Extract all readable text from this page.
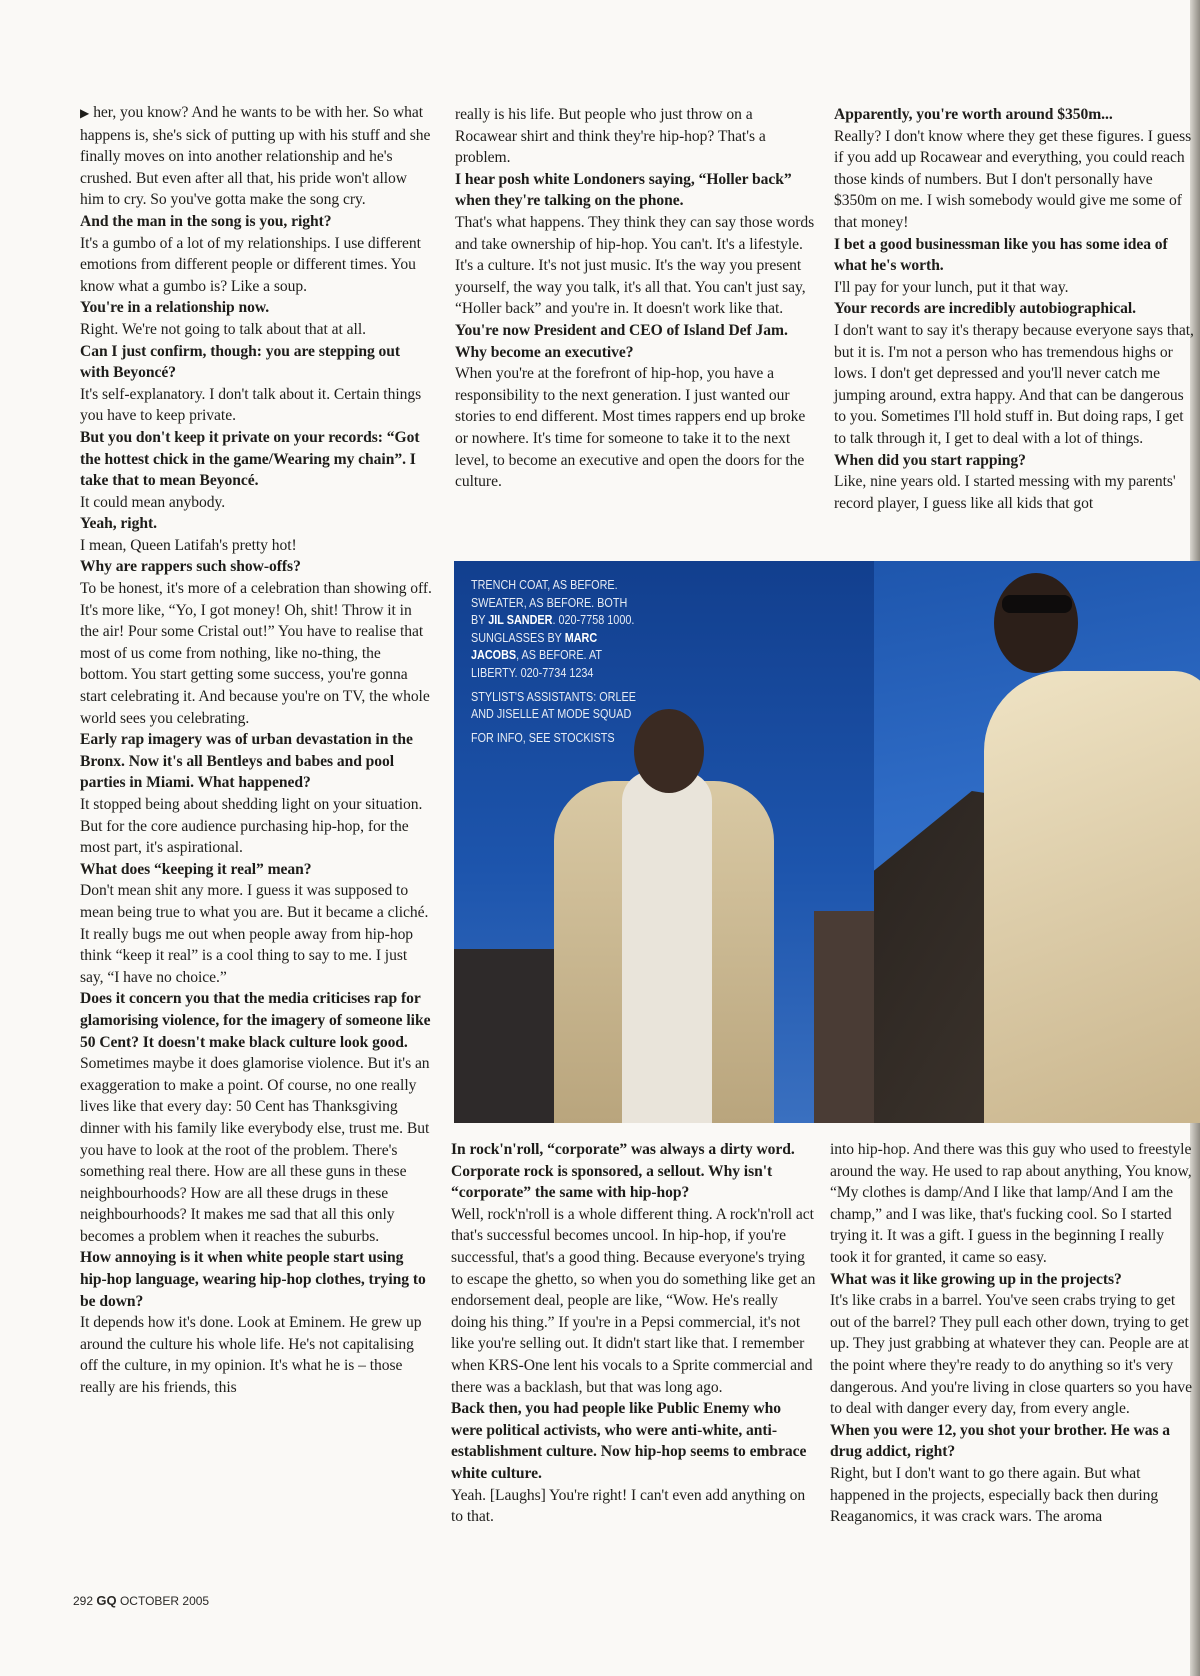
▶ her, you know? And he wants to be with her. So what happens is, she's sick of putting up with his stuff and she finally moves on into another relationship and he's crushed. But even after all that, his pride won't allow him to cry. So you've gotta make the song cry.

And the man in the song is you, right?

It's a gumbo of a lot of my relationships. I use different emotions from different people or different times. You know what a gumbo is? Like a soup.

You're in a relationship now.

Right. We're not going to talk about that at all.

Can I just confirm, though: you are stepping out with Beyoncé?

It's self-explanatory. I don't talk about it. Certain things you have to keep private.

But you don't keep it private on your records: “Got the hottest chick in the game/Wearing my chain”. I take that to mean Beyoncé.

It could mean anybody.

Yeah, right.

I mean, Queen Latifah's pretty hot!

Why are rappers such show-offs?

To be honest, it's more of a celebration than showing off. It's more like, “Yo, I got money! Oh, shit! Throw it in the air! Pour some Cristal out!” You have to realise that most of us come from nothing, like no-thing, the bottom. You start getting some success, you're gonna start celebrating it. And because you're on TV, the whole world sees you celebrating.

Early rap imagery was of urban devastation in the Bronx. Now it's all Bentleys and babes and pool parties in Miami. What happened?

It stopped being about shedding light on your situation. But for the core audience purchasing hip-hop, for the most part, it's aspirational.

What does “keeping it real” mean?

Don't mean shit any more. I guess it was supposed to mean being true to what you are. But it became a cliché. It really bugs me out when people away from hip-hop think “keep it real” is a cool thing to say to me. I just say, “I have no choice.”

Does it concern you that the media criticises rap for glamorising violence, for the imagery of someone like 50 Cent? It doesn't make black culture look good.

Sometimes maybe it does glamorise violence. But it's an exaggeration to make a point. Of course, no one really lives like that every day: 50 Cent has Thanksgiving dinner with his family like everybody else, trust me. But you have to look at the root of the problem. There's something real there. How are all these guns in these neighbourhoods? How are all these drugs in these neighbourhoods? It makes me sad that all this only becomes a problem when it reaches the suburbs.

How annoying is it when white people start using hip-hop language, wearing hip-hop clothes, trying to be down?

It depends how it's done. Look at Eminem. He grew up around the culture his whole life. He's not capitalising off the culture, in my opinion. It's what he is – those really are his friends, this

really is his life. But people who just throw on a Rocawear shirt and think they're hip-hop? That's a problem.

I hear posh white Londoners saying, “Holler back” when they're talking on the phone.

That's what happens. They think they can say those words and take ownership of hip-hop. You can't. It's a lifestyle. It's a culture. It's not just music. It's the way you present yourself, the way you talk, it's all that. You can't just say, “Holler back” and you're in. It doesn't work like that.

You're now President and CEO of Island Def Jam. Why become an executive?

When you're at the forefront of hip-hop, you have a responsibility to the next generation. I just wanted our stories to end different. Most times rappers end up broke or nowhere. It's time for someone to take it to the next level, to become an executive and open the doors for the culture.

Apparently, you're worth around $350m...

Really? I don't know where they get these figures. I guess if you add up Rocawear and everything, you could reach those kinds of numbers. But I don't personally have $350m on me. I wish somebody would give me some of that money!

I bet a good businessman like you has some idea of what he's worth.

I'll pay for your lunch, put it that way.

Your records are incredibly autobiographical.

I don't want to say it's therapy because everyone says that, but it is. I'm not a person who has tremendous highs or lows. I don't get depressed and you'll never catch me jumping around, extra happy. And that can be dangerous to you. Sometimes I'll hold stuff in. But doing raps, I get to talk through it, I get to deal with a lot of things.

When did you start rapping?

Like, nine years old. I started messing with my parents' record player, I guess like all kids that got

TRENCH COAT, AS BEFORE. SWEATER, AS BEFORE. BOTH BY JIL SANDER. 020-7758 1000. SUNGLASSES BY MARC JACOBS, AS BEFORE. AT LIBERTY. 020-7734 1234

STYLIST'S ASSISTANTS: ORLEE AND JISELLE AT MODE SQUAD

FOR INFO, SEE STOCKISTS

In rock'n'roll, “corporate” was always a dirty word. Corporate rock is sponsored, a sellout. Why isn't “corporate” the same with hip-hop?

Well, rock'n'roll is a whole different thing. A rock'n'roll act that's successful becomes uncool. In hip-hop, if you're successful, that's a good thing. Because everyone's trying to escape the ghetto, so when you do something like get an endorsement deal, people are like, “Wow. He's really doing his thing.” If you're in a Pepsi commercial, it's not like you're selling out. It didn't start like that. I remember when KRS-One lent his vocals to a Sprite commercial and there was a backlash, but that was long ago.

Back then, you had people like Public Enemy who were political activists, who were anti-white, anti-establishment culture. Now hip-hop seems to embrace white culture.

Yeah. [Laughs] You're right! I can't even add anything on to that.

into hip-hop. And there was this guy who used to freestyle around the way. He used to rap about anything, You know, “My clothes is damp/And I like that lamp/And I am the champ,” and I was like, that's fucking cool. So I started trying it. It was a gift. I guess in the beginning I really took it for granted, it came so easy.

What was it like growing up in the projects?

It's like crabs in a barrel. You've seen crabs trying to get out of the barrel? They pull each other down, trying to get up. They just grabbing at whatever they can. People are at the point where they're ready to do anything so it's very dangerous. And you're living in close quarters so you have to deal with danger every day, from every angle.

When you were 12, you shot your brother. He was a drug addict, right?

Right, but I don't want to go there again. But what happened in the projects, especially back then during Reaganomics, it was crack wars. The aroma

292 GQ OCTOBER 2005
